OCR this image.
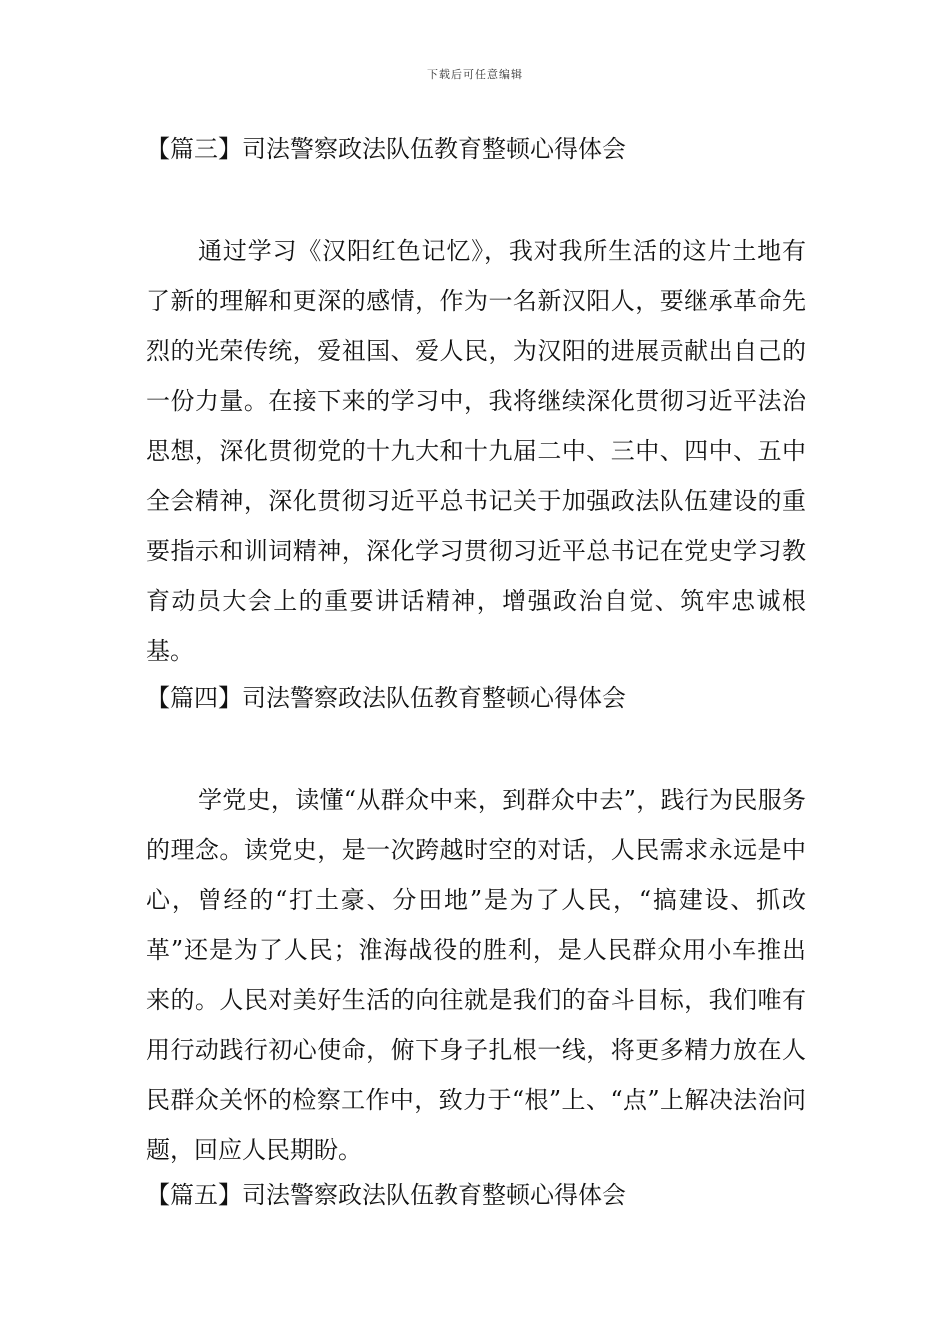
下载后可任意编辑
【篇三】司法警察政法队伍教育整顿心得体会
通过学习《汉阳红色记忆》，我对我所生活的这片土地有了新的理解和更深的感情，作为一名新汉阳人，要继承革命先烈的光荣传统，爱祖国、爱人民，为汉阳的进展贡献出自己的一份力量。在接下来的学习中，我将继续深化贯彻习近平法治思想，深化贯彻党的十九大和十九届二中、三中、四中、五中全会精神，深化贯彻习近平总书记关于加强政法队伍建设的重要指示和训词精神，深化学习贯彻习近平总书记在党史学习教育动员大会上的重要讲话精神，增强政治自觉、筑牢忠诚根基。
【篇四】司法警察政法队伍教育整顿心得体会
学党史，读懂“从群众中来，到群众中去”，践行为民服务的理念。读党史，是一次跨越时空的对话，人民需求永远是中心，曾经的“打土豪、分田地”是为了人民，“搞建设、抓改革”还是为了人民；淮海战役的胜利，是人民群众用小车推出来的。人民对美好生活的向往就是我们的奋斗目标，我们唯有用行动践行初心使命，俯下身子扎根一线，将更多精力放在人民群众关怀的检察工作中，致力于“根”上、“点”上解决法治问题，回应人民期盼。
【篇五】司法警察政法队伍教育整顿心得体会
